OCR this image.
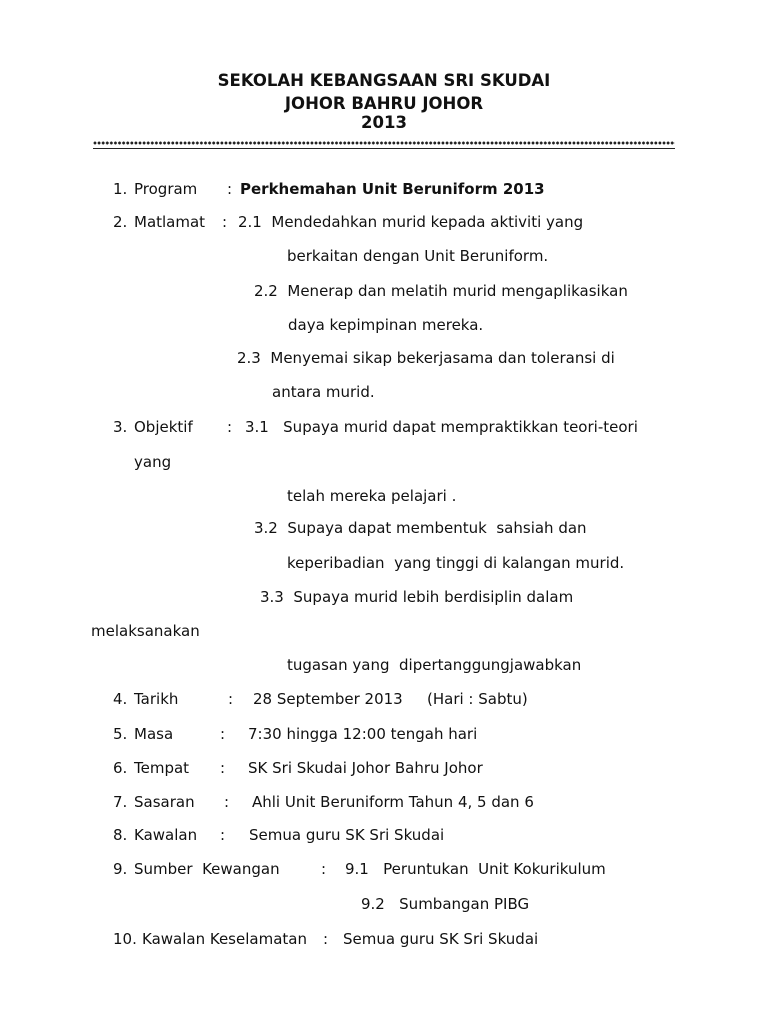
SEKOLAH KEBANGSAAN SRI SKUDAI
JOHOR BAHRU JOHOR
2013
1. Program : Perkhemahan Unit Beruniform 2013
2. Matlamat : 2.1  Mendedahkan murid kepada aktiviti yang
berkaitan dengan Unit Beruniform.
2.2  Menerap dan melatih murid mengaplikasikan
daya kepimpinan mereka.
2.3  Menyemai sikap bekerjasama dan toleransi di
antara murid.
3. Objektif : 3.1   Supaya murid dapat mempraktikkan teori-teori
yang
telah mereka pelajari .
3.2  Supaya dapat membentuk  sahsiah dan
keperibadian  yang tinggi di kalangan murid.
3.3  Supaya murid lebih berdisiplin dalam
melaksanakan
tugasan yang  dipertanggungjawabkan
4. Tarikh	: 28 September 2013 (Hari : Sabtu)
5. Masa	: 7:30 hingga 12:00 tengah hari
6. Tempat : SK Sri Skudai Johor Bahru Johor
7. Sasaran : Ahli Unit Beruniform Tahun 4, 5 dan 6
8. Kawalan : Semua guru SK Sri Skudai
9. Sumber  Kewangan	: 9.1   Peruntukan  Unit Kokurikulum
9.2   Sumbangan PIBG
10. Kawalan Keselamatan : Semua guru SK Sri Skudai
